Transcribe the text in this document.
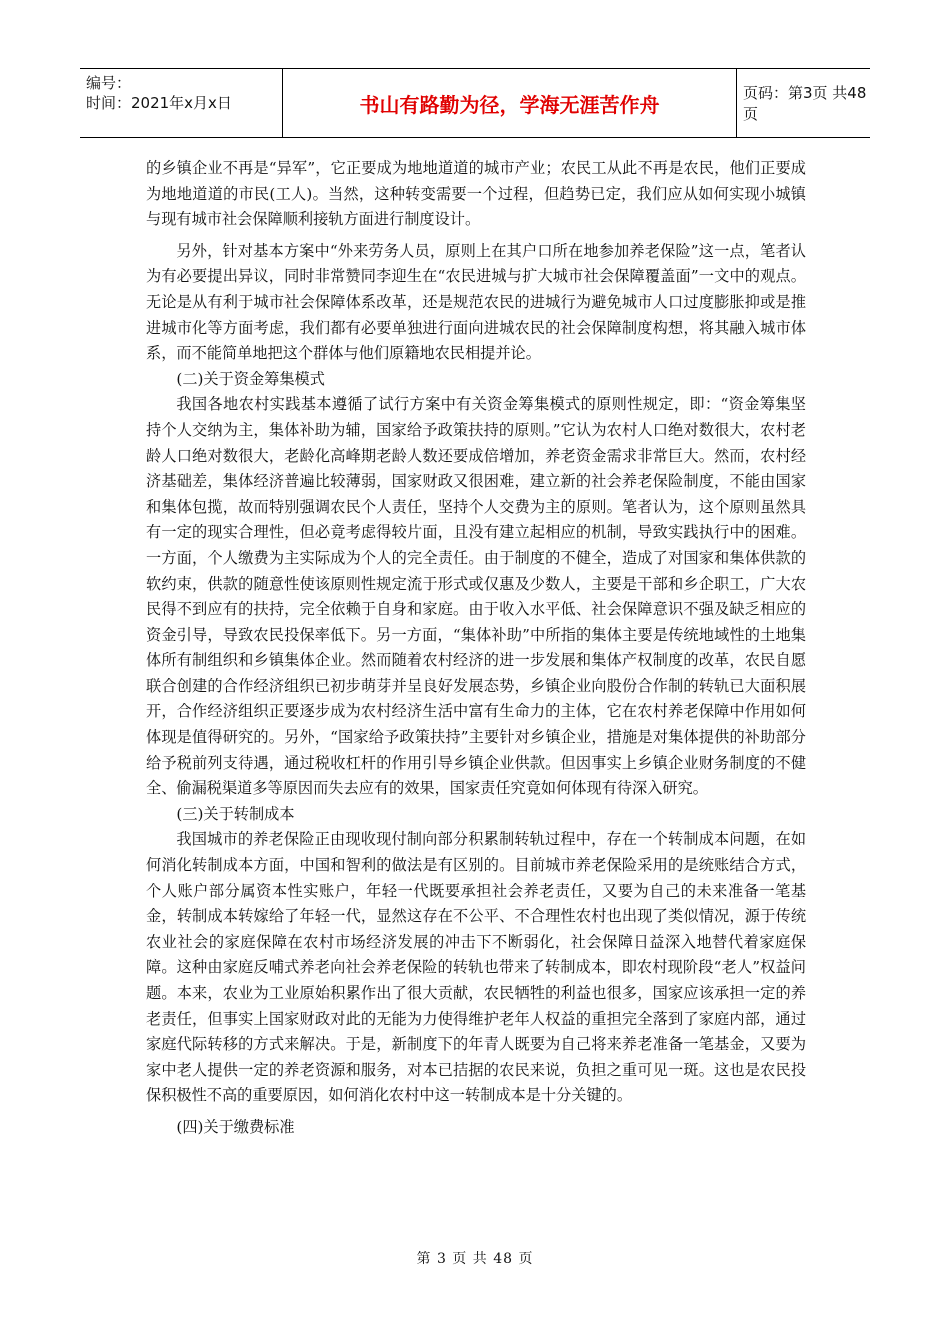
编号：
时间：2021年x月x日	书山有路勤为径，学海无涯苦作舟	页码：第3页 共48页

的乡镇企业不再是“异军”，它正要成为地地道道的城市产业；农民工从此不再是农民，他们正要成为地地道道的市民(工人)。当然，这种转变需要一个过程，但趋势已定，我们应从如何实现小城镇与现有城市社会保障顺利接轨方面进行制度设计。

另外，针对基本方案中“外来劳务人员，原则上在其户口所在地参加养老保险”这一点，笔者认为有必要提出异议，同时非常赞同李迎生在“农民进城与扩大城市社会保障覆盖面”一文中的观点。无论是从有利于城市社会保障体系改革，还是规范农民的进城行为避免城市人口过度膨胀抑或是推进城市化等方面考虑，我们都有必要单独进行面向进城农民的社会保障制度构想，将其融入城市体系，而不能简单地把这个群体与他们原籍地农民相提并论。

(二)关于资金筹集模式

我国各地农村实践基本遵循了试行方案中有关资金筹集模式的原则性规定，即：“资金筹集坚持个人交纳为主，集体补助为辅，国家给予政策扶持的原则。”它认为农村人口绝对数很大，农村老龄人口绝对数很大，老龄化高峰期老龄人数还要成倍增加，养老资金需求非常巨大。然而，农村经济基础差，集体经济普遍比较薄弱，国家财政又很困难，建立新的社会养老保险制度，不能由国家和集体包揽，故而特别强调农民个人责任，坚持个人交费为主的原则。笔者认为，这个原则虽然具有一定的现实合理性，但必竟考虑得较片面，且没有建立起相应的机制，导致实践执行中的困难。一方面，个人缴费为主实际成为个人的完全责任。由于制度的不健全，造成了对国家和集体供款的软约束，供款的随意性使该原则性规定流于形式或仅惠及少数人，主要是干部和乡企职工，广大农民得不到应有的扶持，完全依赖于自身和家庭。由于收入水平低、社会保障意识不强及缺乏相应的资金引导，导致农民投保率低下。另一方面，“集体补助”中所指的集体主要是传统地域性的土地集体所有制组织和乡镇集体企业。然而随着农村经济的进一步发展和集体产权制度的改革，农民自愿联合创建的合作经济组织已初步萌芽并呈良好发展态势，乡镇企业向股份合作制的转轨已大面积展开，合作经济组织正要逐步成为农村经济生活中富有生命力的主体，它在农村养老保障中作用如何体现是值得研究的。另外，“国家给予政策扶持”主要针对乡镇企业，措施是对集体提供的补助部分给予税前列支待遇，通过税收杠杆的作用引导乡镇企业供款。但因事实上乡镇企业财务制度的不健全、偷漏税渠道多等原因而失去应有的效果，国家责任究竟如何体现有待深入研究。

(三)关于转制成本

我国城市的养老保险正由现收现付制向部分积累制转轨过程中，存在一个转制成本问题，在如何消化转制成本方面，中国和智利的做法是有区别的。目前城市养老保险采用的是统账结合方式，个人账户部分属资本性实账户，年轻一代既要承担社会养老责任，又要为自己的未来准备一笔基金，转制成本转嫁给了年轻一代，显然这存在不公平、不合理性农村也出现了类似情况，源于传统农业社会的家庭保障在农村市场经济发展的冲击下不断弱化，社会保障日益深入地替代着家庭保障。这种由家庭反哺式养老向社会养老保险的转轨也带来了转制成本，即农村现阶段“老人”权益问题。本来，农业为工业原始积累作出了很大贡献，农民牺牲的利益也很多，国家应该承担一定的养老责任，但事实上国家财政对此的无能为力使得维护老年人权益的重担完全落到了家庭内部，通过家庭代际转移的方式来解决。于是，新制度下的年青人既要为自己将来养老准备一笔基金，又要为家中老人提供一定的养老资源和服务，对本已拮据的农民来说，负担之重可见一斑。这也是农民投保积极性不高的重要原因，如何消化农村中这一转制成本是十分关键的。

(四)关于缴费标准

第 3 页 共 48 页
